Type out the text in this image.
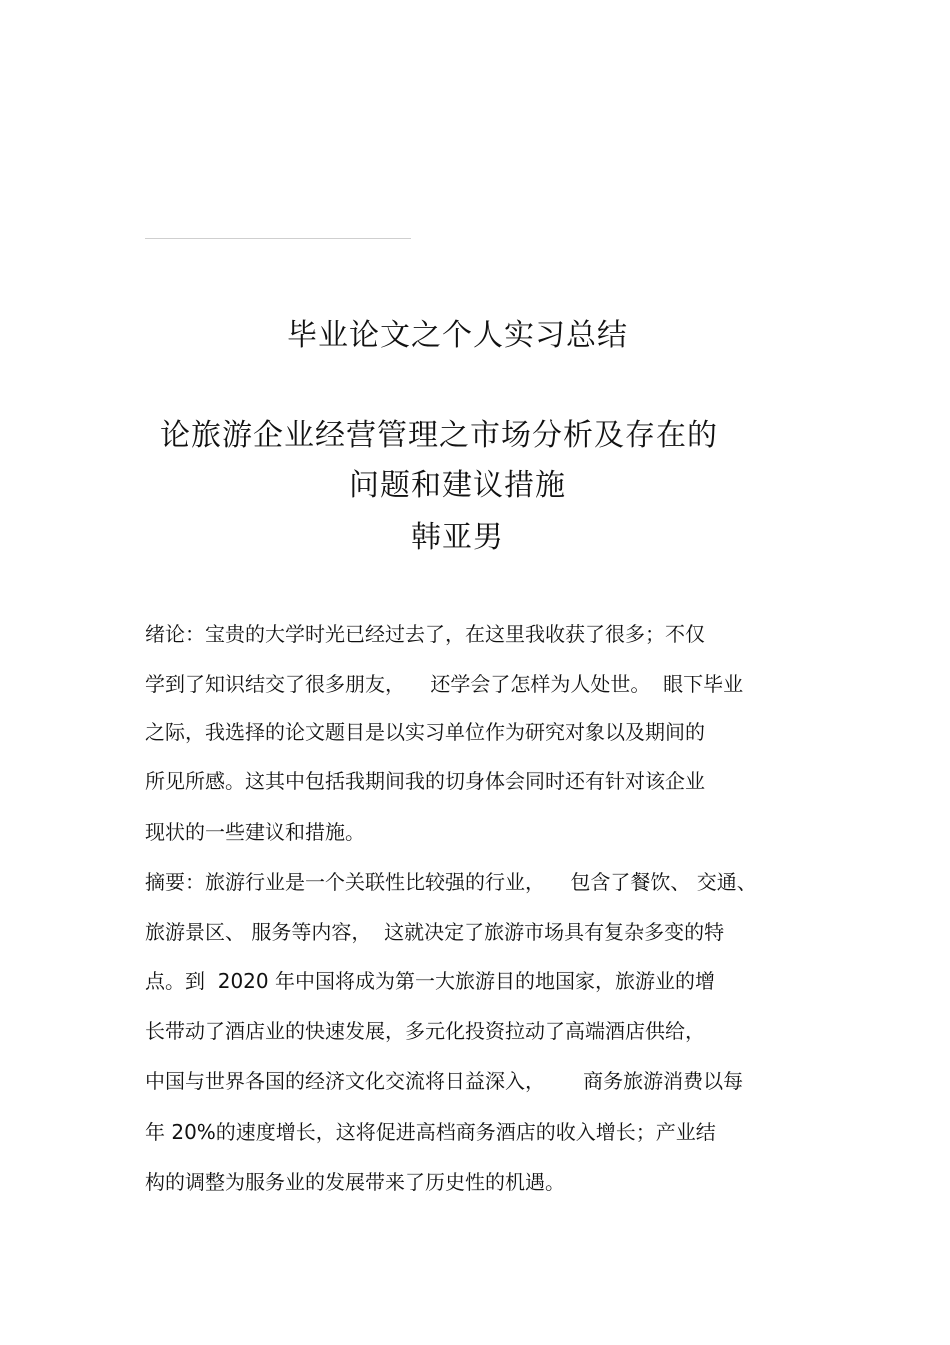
毕业论文之个人实习总结
论旅游企业经营管理之市场分析及存在的
问题和建议措施
韩亚男
绪论：宝贵的大学时光已经过去了，在这里我收获了很多；不仅
学到了知识结交了很多朋友，    还学会了怎样为人处世。  眼下毕业
之际，我选择的论文题目是以实习单位作为研究对象以及期间的
所见所感。这其中包括我期间我的切身体会同时还有针对该企业
现状的一些建议和措施。
摘要：旅游行业是一个关联性比较强的行业，    包含了餐饮、 交通、
旅游景区、 服务等内容，  这就决定了旅游市场具有复杂多变的特
点。到  2020 年中国将成为第一大旅游目的地国家，旅游业的增
长带动了酒店业的快速发展，多元化投资拉动了高端酒店供给，
中国与世界各国的经济文化交流将日益深入，      商务旅游消费以每
年 20%的速度增长，这将促进高档商务酒店的收入增长；产业结
构的调整为服务业的发展带来了历史性的机遇。
